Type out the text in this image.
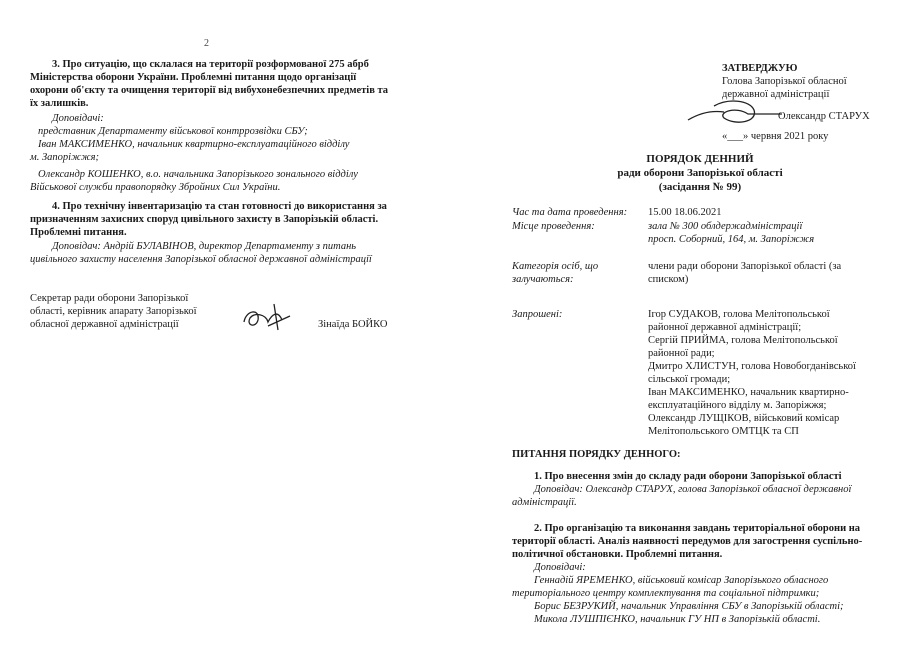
2
3. Про ситуацію, що склалася на території розформованої 275 абрб
Міністерства оборони України. Проблемні питання щодо організації
охорони об'єкту та очищення території від вибухонебезпечних предметів та
їх залишків.
Доповідачі:
представник Департаменту військової контррозвідки СБУ;
Іван МАКСИМЕНКО, начальник квартирно-експлуатаційного відділу
м. Запоріжжя;
Олександр КОШЕНКО, в.о. начальника Запорізького зонального відділу
Військової служби правопорядку Збройних Сил України.
4. Про технічну інвентаризацію та стан готовності до використання за
призначенням захисних споруд цивільного захисту в Запорізькій області.
Проблемні питання.
Доповідач: Андрій БУЛАВІНОВ, директор Департаменту з питань
цивільного захисту населення Запорізької обласної державної адміністрації
Секретар ради оборони Запорізької
області, керівник апарату Запорізької
обласної державної адміністрації	Зінаїда БОЙКО
ЗАТВЕРДЖУЮ
Голова Запорізької обласної
державної адміністрації
Олександр СТАРУХ
«___» червня 2021 року
ПОРЯДОК ДЕННИЙ
ради оборони Запорізької області
(засідання № 99)
Час та дата проведення: 15.00 18.06.2021
Місце проведення:	зала № 300 облдержадміністрації
просп. Соборний, 164, м. Запоріжжя
Категорія осіб, що
залучаються:
члени ради оборони Запорізької області (за
списком)
Запрошені:	Ігор СУДАКОВ, голова Мелітопольської
районної державної адміністрації;
Сергій ПРИЙМА, голова Мелітопольської
районної ради;
Дмитро ХЛИСТУН, голова Новобогданівської
сільської громади;
Іван МАКСИМЕНКО, начальник квартирно-
експлуатаційного відділу м. Запоріжжя;
Олександр ЛУЩІКОВ, військовий комісар
Мелітопольського ОМТЦК та СП
ПИТАННЯ ПОРЯДКУ ДЕННОГО:
1. Про внесення змін до складу ради оборони Запорізької області
Доповідач: Олександр СТАРУХ, голова Запорізької обласної державної
адміністрації.
2. Про організацію та виконання завдань територіальної оборони на
території області. Аналіз наявності передумов для загострення суспільно-
політичної обстановки. Проблемні питання.
Доповідачі:
Геннадій ЯРЕМЕНКО, військовий комісар Запорізького обласного
територіального центру комплектування та соціальної підтримки;
Борис БЕЗРУКИЙ, начальник Управління СБУ в Запорізькій області;
Микола ЛУШПІЄНКО, начальник ГУ НП в Запорізькій області.
